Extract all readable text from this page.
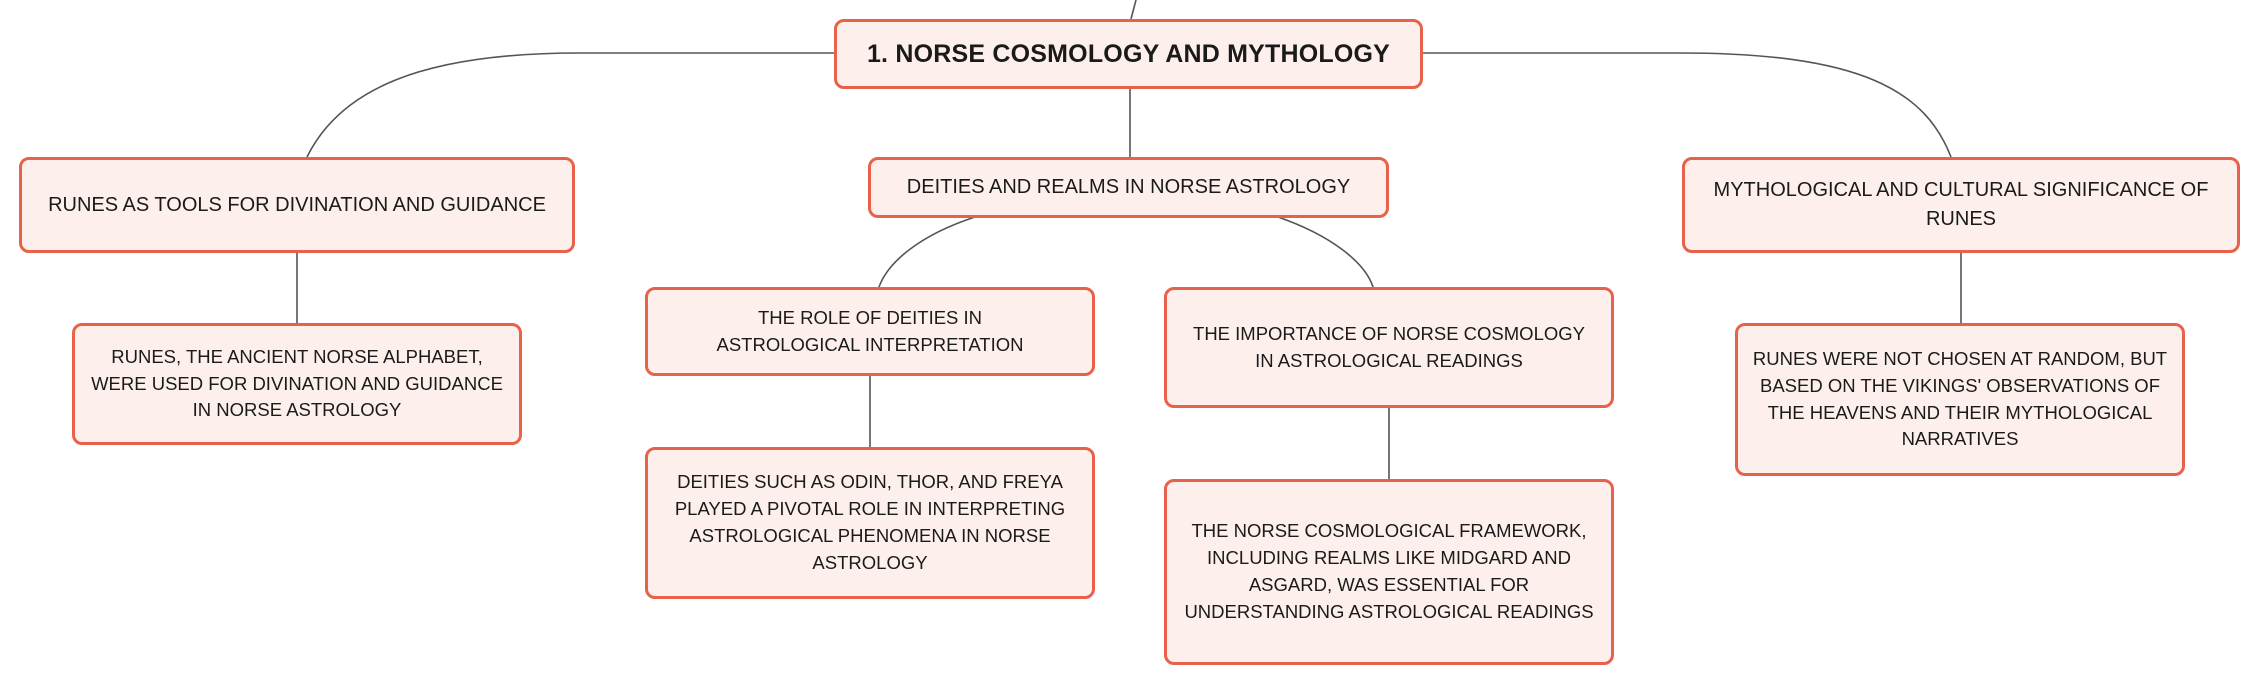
1. NORSE COSMOLOGY AND MYTHOLOGY
RUNES AS TOOLS FOR DIVINATION AND GUIDANCE
RUNES, THE ANCIENT NORSE ALPHABET, WERE USED FOR DIVINATION AND GUIDANCE IN NORSE ASTROLOGY
DEITIES AND REALMS IN NORSE ASTROLOGY
THE ROLE OF DEITIES IN ASTROLOGICAL INTERPRETATION
DEITIES SUCH AS ODIN, THOR, AND FREYA PLAYED A PIVOTAL ROLE IN INTERPRETING ASTROLOGICAL PHENOMENA IN NORSE ASTROLOGY
THE IMPORTANCE OF NORSE COSMOLOGY IN ASTROLOGICAL READINGS
THE NORSE COSMOLOGICAL FRAMEWORK, INCLUDING REALMS LIKE MIDGARD AND ASGARD, WAS ESSENTIAL FOR UNDERSTANDING ASTROLOGICAL READINGS
MYTHOLOGICAL AND CULTURAL SIGNIFICANCE OF RUNES
RUNES WERE NOT CHOSEN AT RANDOM, BUT BASED ON THE VIKINGS' OBSERVATIONS OF THE HEAVENS AND THEIR MYTHOLOGICAL NARRATIVES
